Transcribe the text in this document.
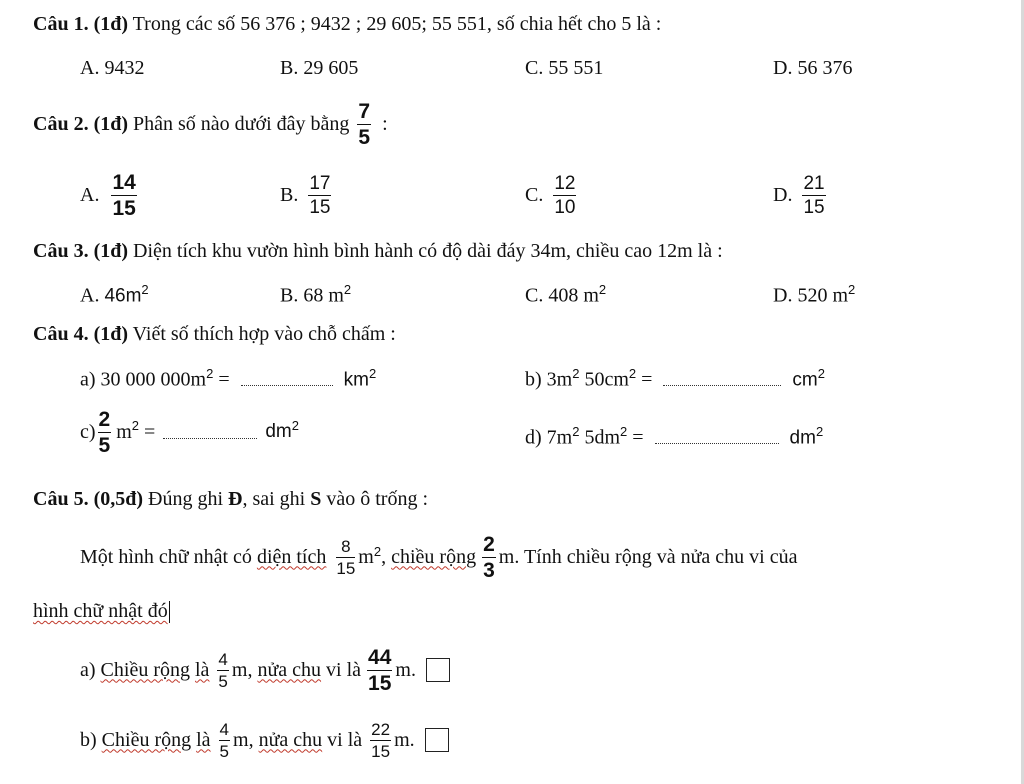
Câu 1. (1đ) Trong các số 56 376 ; 9432 ; 29 605; 55 551, số chia hết cho 5 là :
A. 9432	B. 29 605	C. 55 551	D. 56 376
Câu 2. (1đ)
Phân số nào dưới đây bằng $\frac{7}{5}$ :
A. $\frac{14}{15}$	B. $\frac{17}{15}$	C. $\frac{12}{10}$	D. $\frac{21}{15}$
Câu 3. (1đ) Diện tích khu vườn hình bình hành có độ dài đáy 34m, chiều cao 12m là :
A. $46m^2$	B. 68 $m^2$	C. 408 $m^2$	D. 520 $m^2$
Câu 4. (1đ) Viết số thích hợp vào chỗ chấm :
a) 30 000 $000m^2$ =	$km^2$	b) $3m^2$ $50cm^2$ =	$cm^2$
$c) \frac{2}{5} m^2$ =	$dm^2$
d) $7m^2$ $5dm^2$ =	$dm^2$
Câu 5. (0,5đ) Đúng ghi Đ, sai ghi S vào ô trống :
Một hình chữ nhật có
diện tích $\frac{8}{15} m^2$ ,
chiều rộng $\frac{2}{3} m$. Tính chiều rộng và nửa chu vi của
hình chữ nhật đó
a)
Chiều rộng
là $\frac{4}{5} m$,
nửa chu
vi là $\frac{44}{15} m$.
b)
Chiều rộng
là $\frac{4}{5} m$,
nửa chu
vi là $\frac{22}{15} m$.
